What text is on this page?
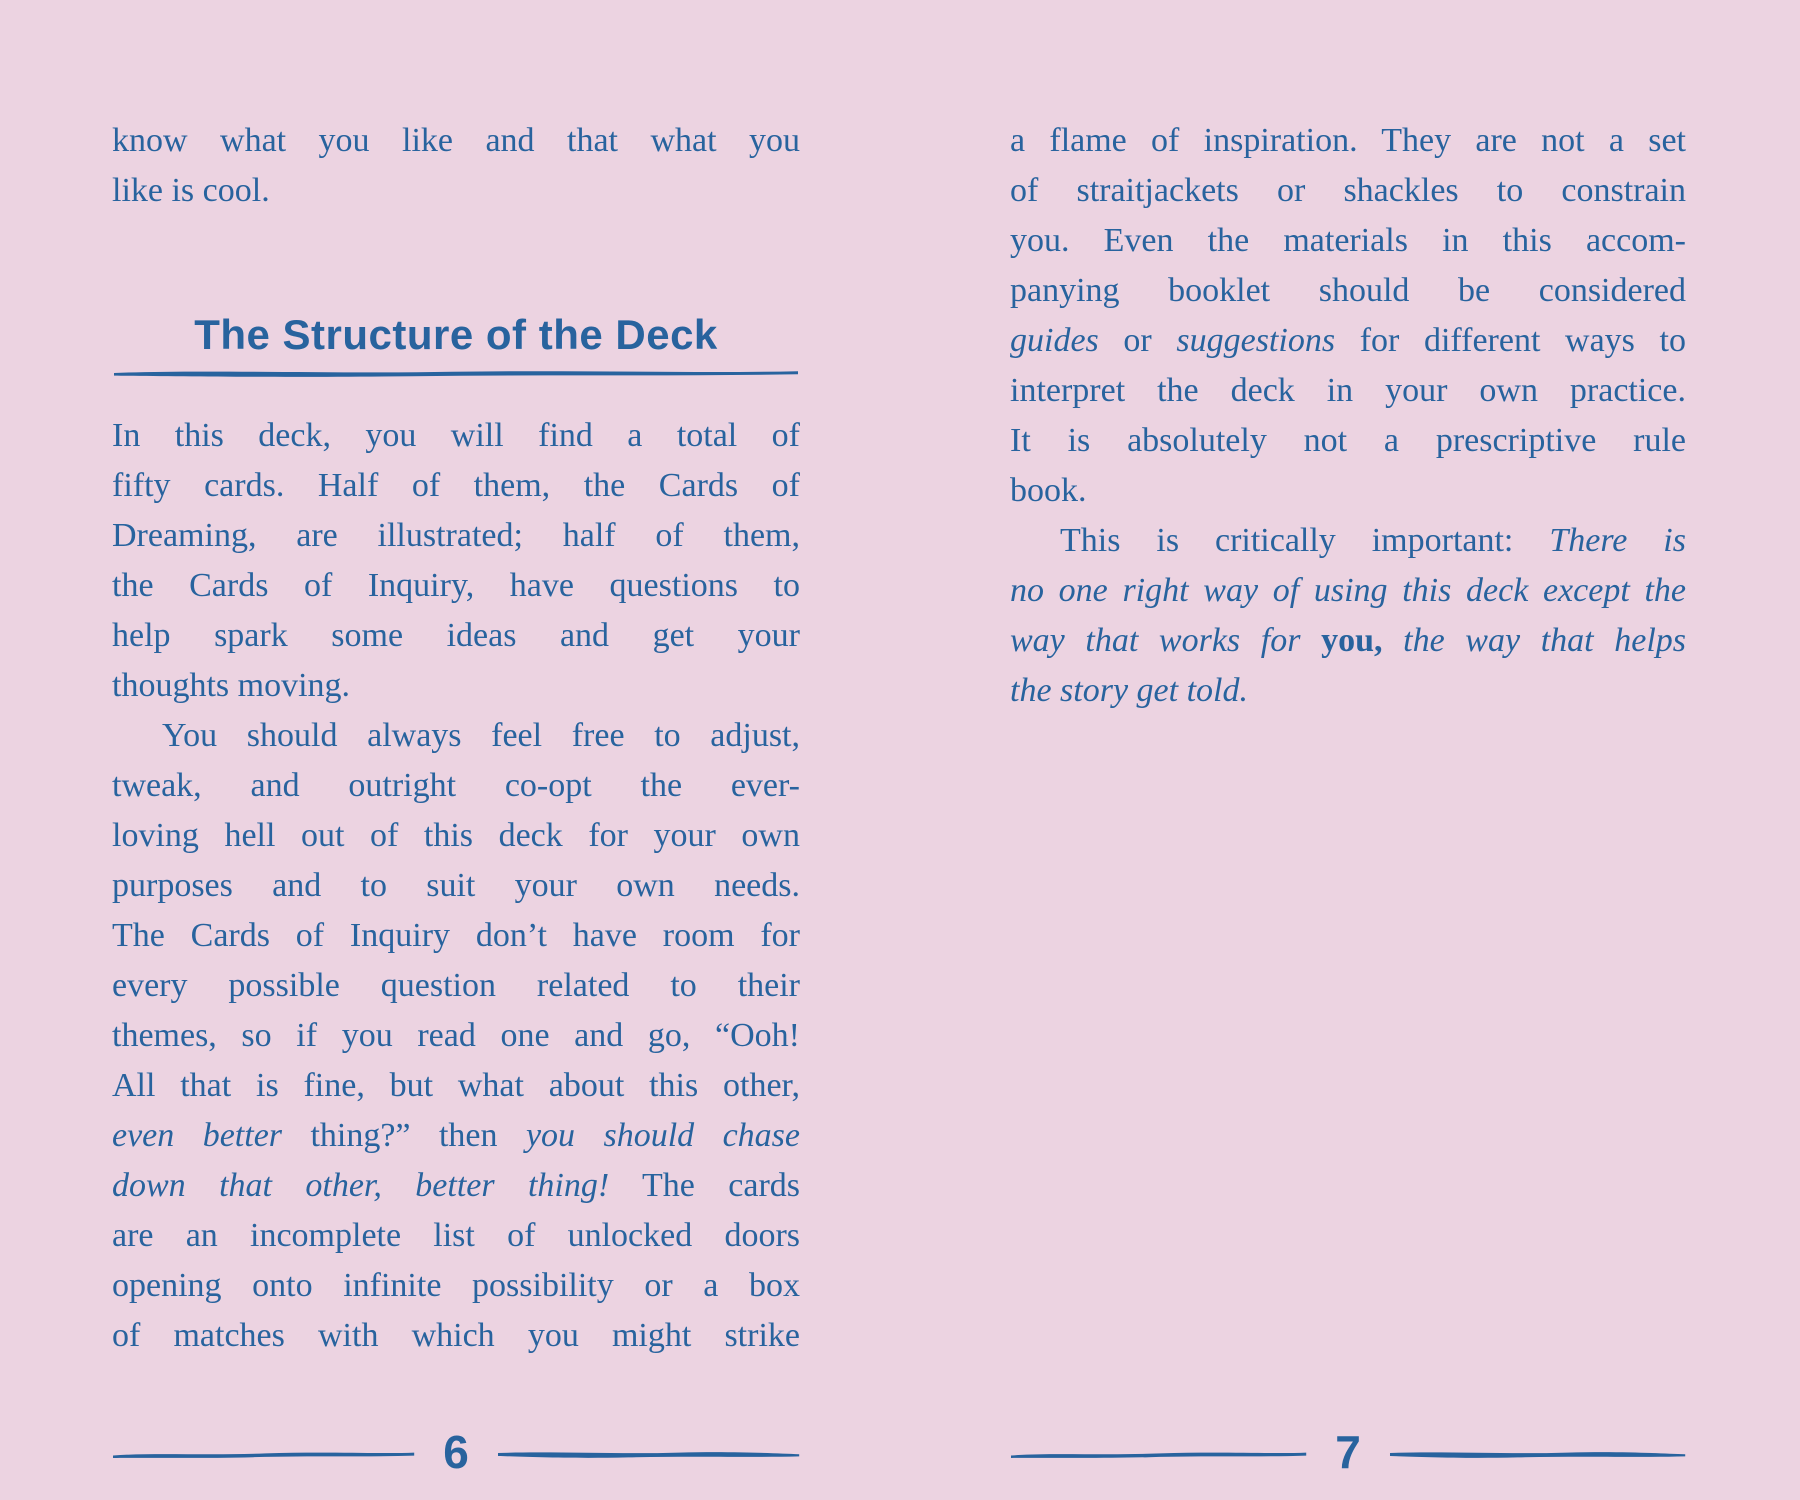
know what you like and that what you
like is cool.
The Structure of the Deck
In this deck, you will find a total of
fifty cards. Half of them, the Cards of
Dreaming, are illustrated; half of them,
the Cards of Inquiry, have questions to
help spark some ideas and get your
thoughts moving.
You should always feel free to adjust,
tweak, and outright co-opt the ever-
loving hell out of this deck for your own
purposes and to suit your own needs.
The Cards of Inquiry don’t have room for
every possible question related to their
themes, so if you read one and go, “Ooh!
All that is fine, but what about this other,
even better thing?” then you should chase
down that other, better thing! The cards
are an incomplete list of unlocked doors
opening onto infinite possibility or a box
of matches with which you might strike
6
a flame of inspiration. They are not a set
of straitjackets or shackles to constrain
you. Even the materials in this accom-
panying booklet should be considered
guides or suggestions for different ways to
interpret the deck in your own practice.
It is absolutely not a prescriptive rule
book.
This is critically important: There is
no one right way of using this deck except the
way that works for you, the way that helps
the story get told.
7
